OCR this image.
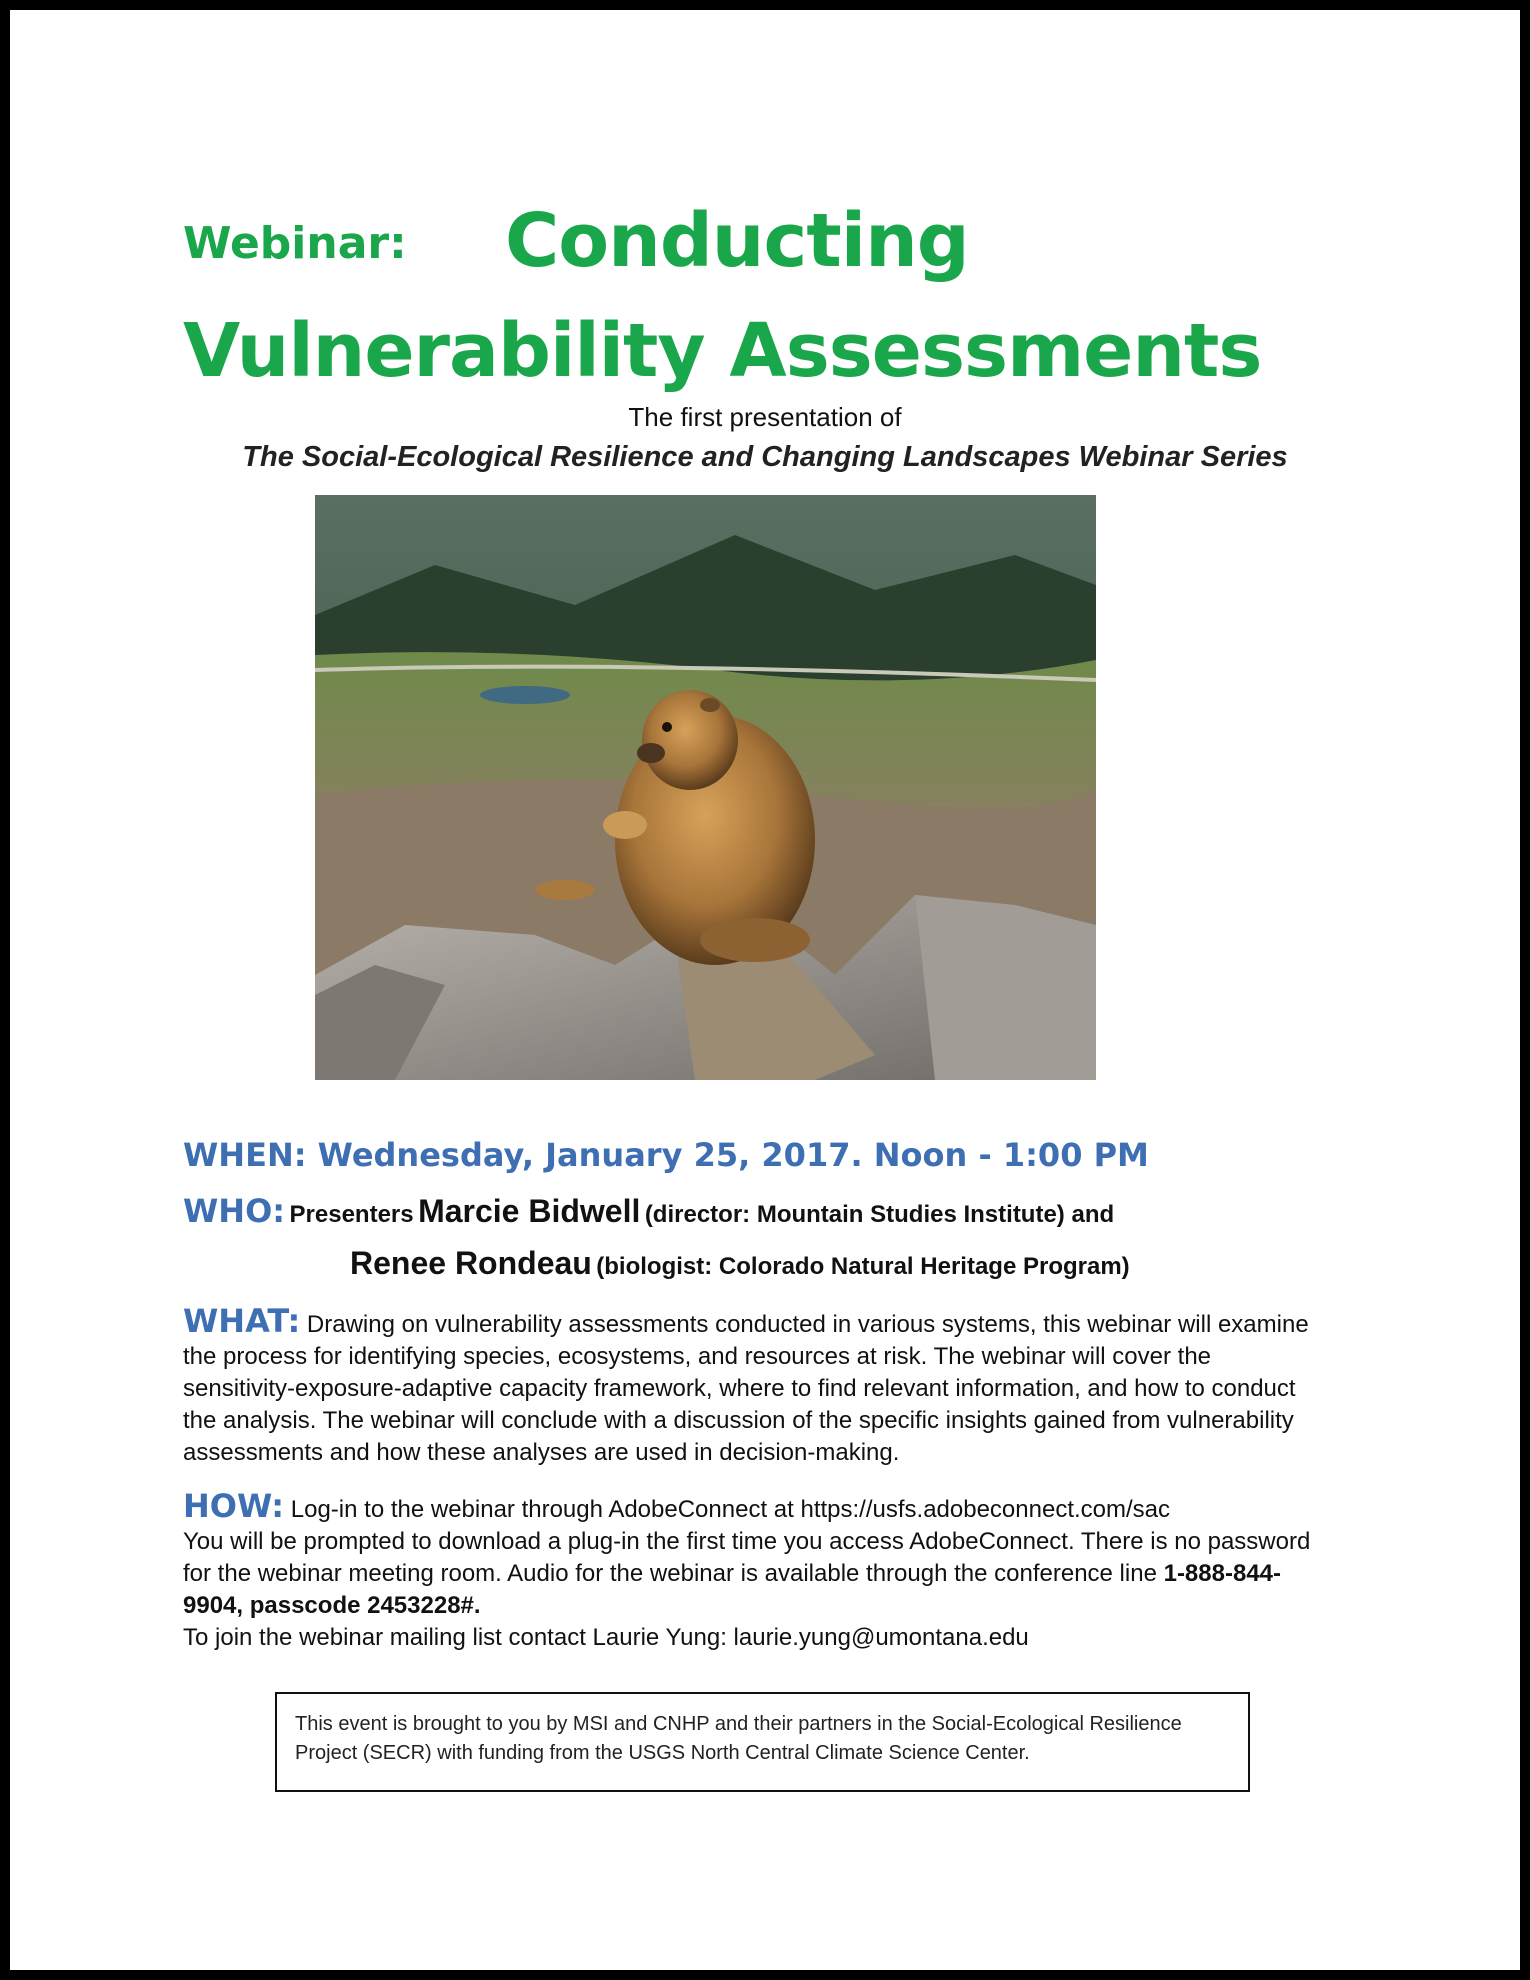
Webinar: Conducting
Vulnerability Assessments
The first presentation of
The Social-Ecological Resilience and Changing Landscapes Webinar Series
WHEN: Wednesday, January 25, 2017. Noon - 1:00 PM
WHO: Presenters Marcie Bidwell (director: Mountain Studies Institute) and
Renee Rondeau (biologist: Colorado Natural Heritage Program)
WHAT: Drawing on vulnerability assessments conducted in various systems, this webinar will examine the process for identifying species, ecosystems, and resources at risk. The webinar will cover the sensitivity-exposure-adaptive capacity framework, where to find relevant information, and how to conduct the analysis. The webinar will conclude with a discussion of the specific insights gained from vulnerability assessments and how these analyses are used in decision-making.
HOW: Log-in to the webinar through AdobeConnect at https://usfs.adobeconnect.com/sac
You will be prompted to download a plug-in the first time you access AdobeConnect. There is no password for the webinar meeting room. Audio for the webinar is available through the conference line 1-888-844-9904, passcode 2453228#.
To join the webinar mailing list contact Laurie Yung: laurie.yung@umontana.edu
This event is brought to you by MSI and CNHP and their partners in the Social-Ecological Resilience Project (SECR) with funding from the USGS North Central Climate Science Center.
